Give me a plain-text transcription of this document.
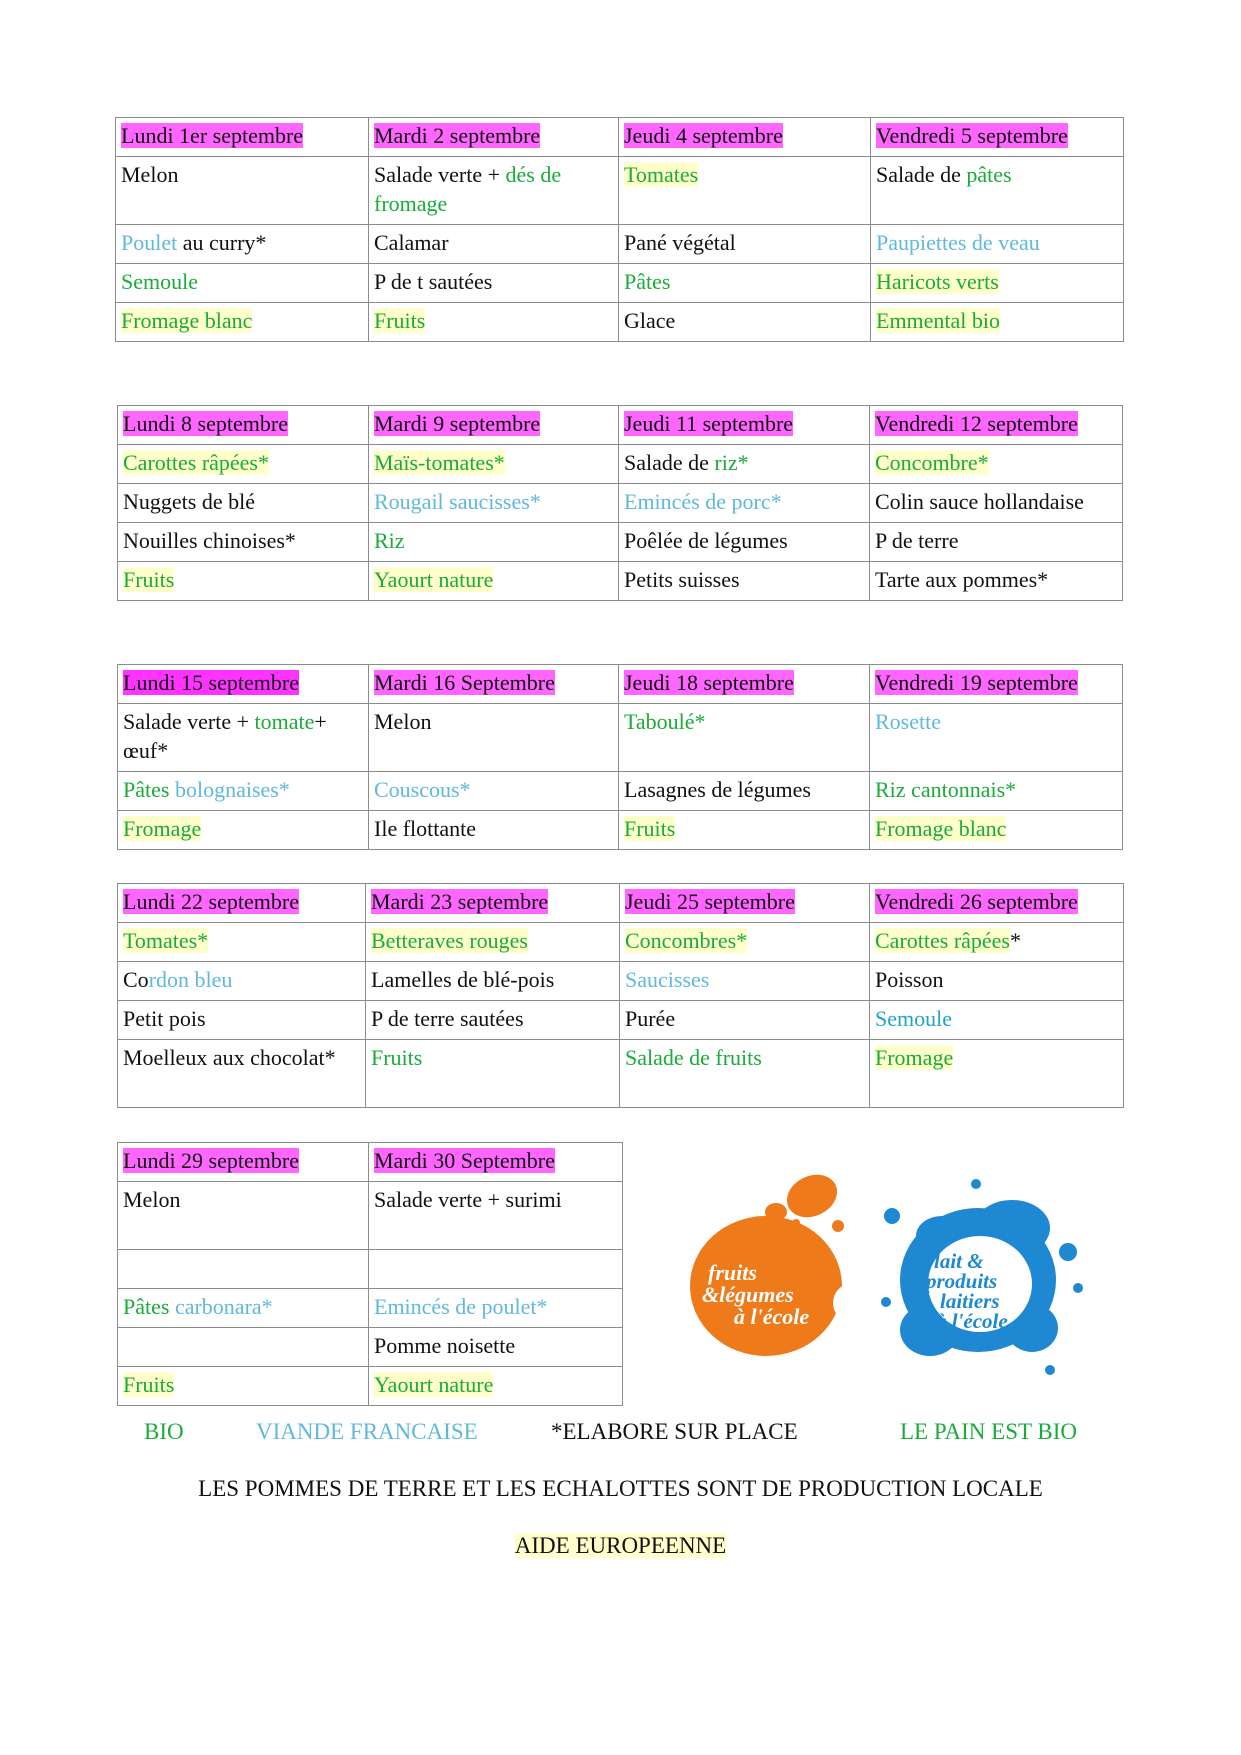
Lundi 1er septembre	Mardi 2 septembre	Jeudi 4 septembre	Vendredi 5 septembre
Melon	Salade verte + dés de fromage	Tomates	Salade de pâtes
Poulet au curry*	Calamar	Pané végétal	Paupiettes de veau
Semoule	P de t sautées	Pâtes	Haricots verts
Fromage blanc	Fruits	Glace	Emmental bio
Lundi 8 septembre	Mardi 9 septembre	Jeudi 11 septembre	Vendredi 12 septembre
Carottes râpées*	Maïs-tomates*	Salade de riz*	Concombre*
Nuggets de blé	Rougail saucisses*	Emincés de porc*	Colin sauce hollandaise
Nouilles chinoises*	Riz	Poêlée de légumes	P de terre
Fruits	Yaourt nature	Petits suisses	Tarte aux pommes*
Lundi 15 septembre	Mardi 16 Septembre	Jeudi 18 septembre	Vendredi 19 septembre
Salade verte + tomate+ œuf*	Melon	Taboulé*	Rosette
Pâtes bolognaises*	Couscous*	Lasagnes de légumes	Riz cantonnais*
Fromage	Ile flottante	Fruits	Fromage blanc
Lundi 22 septembre	Mardi 23 septembre	Jeudi 25 septembre	Vendredi 26 septembre
Tomates*	Betteraves rouges	Concombres*	Carottes râpées*
Cordon bleu	Lamelles de blé-pois	Saucisses	Poisson
Petit pois	P de terre sautées	Purée	Semoule
Moelleux aux chocolat*	Fruits	Salade de fruits	Fromage
Lundi 29 septembre	Mardi 30 Septembre
Melon	Salade verte + surimi

Pâtes carbonara*	Emincés de poulet*
	Pomme noisette
Fruits	Yaourt nature
fruits
&légumes
à l'école
lait &
produits
laitiers
à l'école
BIO	VIANDE FRANCAISE	*ELABORE SUR PLACE	LE PAIN EST BIO
LES POMMES DE TERRE ET LES ECHALOTTES SONT DE PRODUCTION LOCALE
AIDE EUROPEENNE
